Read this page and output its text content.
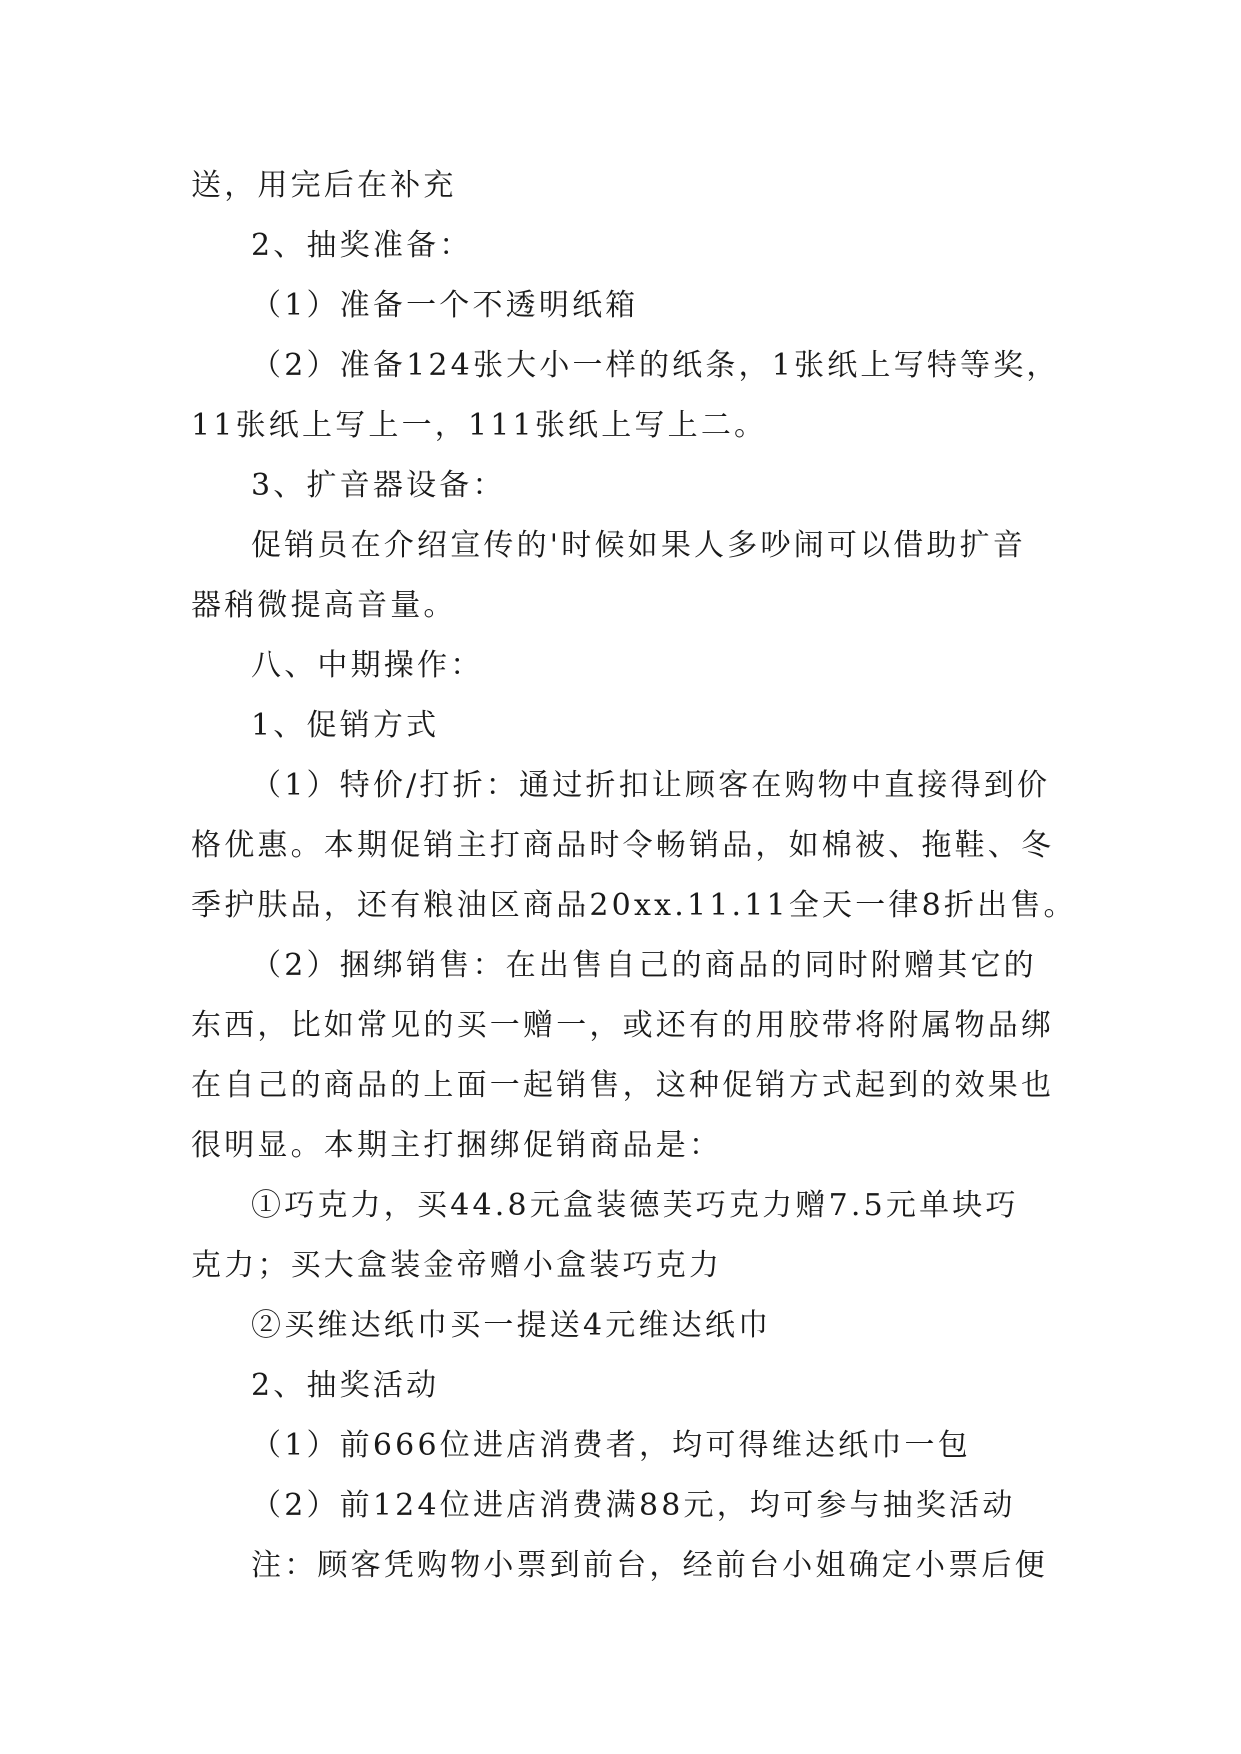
送，用完后在补充

2、抽奖准备：

（1）准备一个不透明纸箱

（2）准备124张大小一样的纸条，1张纸上写特等奖，

11张纸上写上一，111张纸上写上二。

3、扩音器设备：

促销员在介绍宣传的'时候如果人多吵闹可以借助扩音

器稍微提高音量。

八、中期操作：

1、促销方式

（1）特价/打折：通过折扣让顾客在购物中直接得到价

格优惠。本期促销主打商品时令畅销品，如棉被、拖鞋、冬

季护肤品，还有粮油区商品20xx.11.11全天一律8折出售。

（2）捆绑销售：在出售自己的商品的同时附赠其它的

东西，比如常见的买一赠一，或还有的用胶带将附属物品绑

在自己的商品的上面一起销售，这种促销方式起到的效果也

很明显。本期主打捆绑促销商品是：

①巧克力，买44.8元盒装德芙巧克力赠7.5元单块巧

克力；买大盒装金帝赠小盒装巧克力

②买维达纸巾买一提送4元维达纸巾

2、抽奖活动

（1）前666位进店消费者，均可得维达纸巾一包

（2）前124位进店消费满88元，均可参与抽奖活动

注：顾客凭购物小票到前台，经前台小姐确定小票后便
